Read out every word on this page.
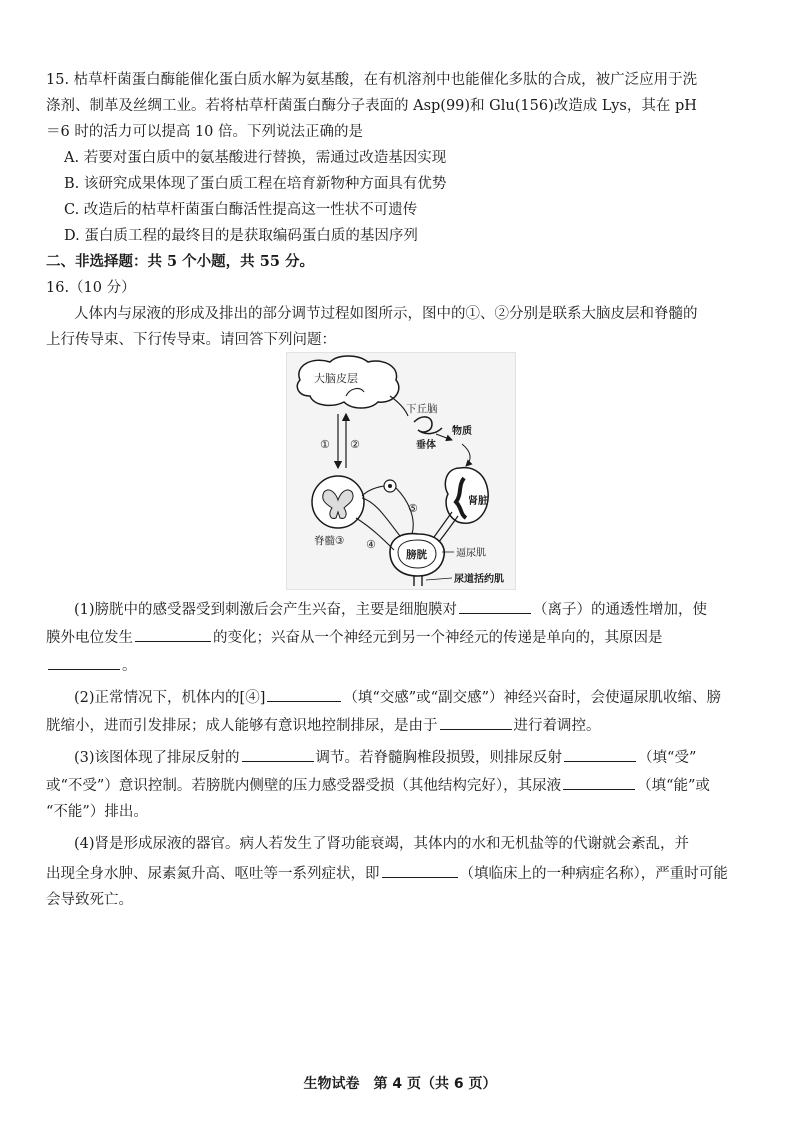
15. 枯草杆菌蛋白酶能催化蛋白质水解为氨基酸，在有机溶剂中也能催化多肽的合成，被广泛应用于洗
涤剂、制革及丝绸工业。若将枯草杆菌蛋白酶分子表面的 Asp(99)和 Glu(156)改造成 Lys，其在 pH
＝6 时的活力可以提高 10 倍。下列说法正确的是
A. 若要对蛋白质中的氨基酸进行替换，需通过改造基因实现
B. 该研究成果体现了蛋白质工程在培育新物种方面具有优势
C. 改造后的枯草杆菌蛋白酶活性提高这一性状不可遗传
D. 蛋白质工程的最终目的是获取编码蛋白质的基因序列
二、非选择题：共 5 个小题，共 55 分。
16.（10 分）
人体内与尿液的形成及排出的部分调节过程如图所示，图中的①、②分别是联系大脑皮层和脊髓的
上行传导束、下行传导束。请回答下列问题：
大脑皮层
下丘脑
垂体
物质
① ②
脊髓③
肾脏
膀胱	逼尿肌
尿道括约肌
④
⑤
(1)膀胱中的感受器受到刺激后会产生兴奋，主要是细胞膜对	（离子）的通透性增加，使
膜外电位发生	的变化；兴奋从一个神经元到另一个神经元的传递是单向的，其原因是
。
(2)正常情况下，机体内的[④]	（填“交感”或“副交感”）神经兴奋时，会使逼尿肌收缩、膀
胱缩小，进而引发排尿；成人能够有意识地控制排尿，是由于	进行着调控。
(3)该图体现了排尿反射的	调节。若脊髓胸椎段损毁，则排尿反射	（填“受”
或“不受”）意识控制。若膀胱内侧壁的压力感受器受损（其他结构完好），其尿液	（填“能”或
“不能”）排出。
(4)肾是形成尿液的器官。病人若发生了肾功能衰竭，其体内的水和无机盐等的代谢就会紊乱，并
出现全身水肿、尿素氮升高、呕吐等一系列症状，即	（填临床上的一种病症名称），严重时可能
会导致死亡。
生物试卷　第 4 页（共 6 页）
